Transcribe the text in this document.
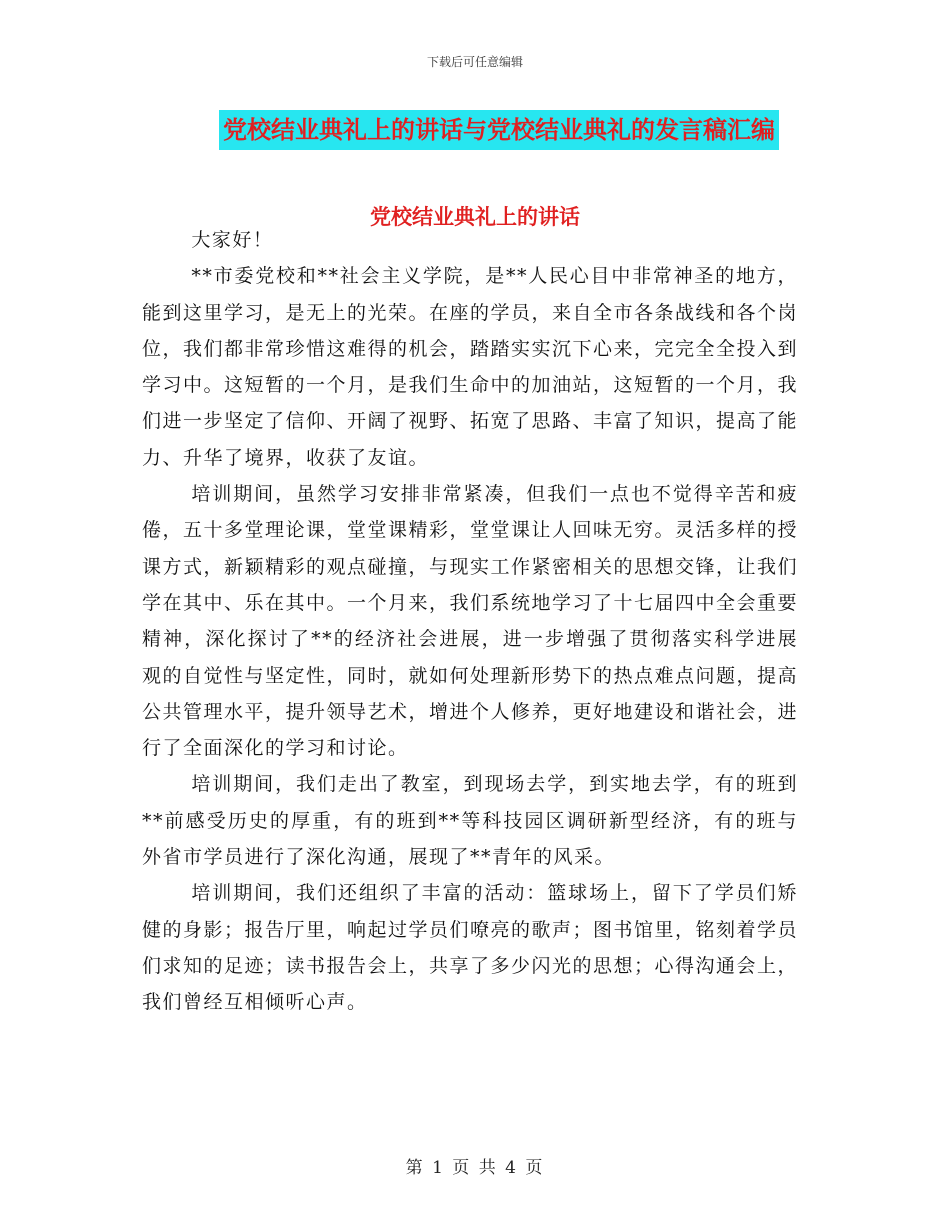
下载后可任意编辑
党校结业典礼上的讲话与党校结业典礼的发言稿汇编
党校结业典礼上的讲话

大家好！

**市委党校和**社会主义学院，是**人民心目中非常神圣的地方，能到这里学习，是无上的光荣。在座的学员，来自全市各条战线和各个岗位，我们都非常珍惜这难得的机会，踏踏实实沉下心来，完完全全投入到学习中。这短暂的一个月，是我们生命中的加油站，这短暂的一个月，我们进一步坚定了信仰、开阔了视野、拓宽了思路、丰富了知识，提高了能力、升华了境界，收获了友谊。

培训期间，虽然学习安排非常紧凑，但我们一点也不觉得辛苦和疲倦，五十多堂理论课，堂堂课精彩，堂堂课让人回味无穷。灵活多样的授课方式，新颖精彩的观点碰撞，与现实工作紧密相关的思想交锋，让我们学在其中、乐在其中。一个月来，我们系统地学习了十七届四中全会重要精神，深化探讨了**的经济社会进展，进一步增强了贯彻落实科学进展观的自觉性与坚定性，同时，就如何处理新形势下的热点难点问题，提高公共管理水平，提升领导艺术，增进个人修养，更好地建设和谐社会，进行了全面深化的学习和讨论。

培训期间，我们走出了教室，到现场去学，到实地去学，有的班到**前感受历史的厚重，有的班到**等科技园区调研新型经济，有的班与外省市学员进行了深化沟通，展现了**青年的风采。

培训期间，我们还组织了丰富的活动：篮球场上，留下了学员们矫健的身影；报告厅里，响起过学员们嘹亮的歌声；图书馆里，铭刻着学员们求知的足迹；读书报告会上，共享了多少闪光的思想；心得沟通会上，我们曾经互相倾听心声。

第 1 页 共 4 页
